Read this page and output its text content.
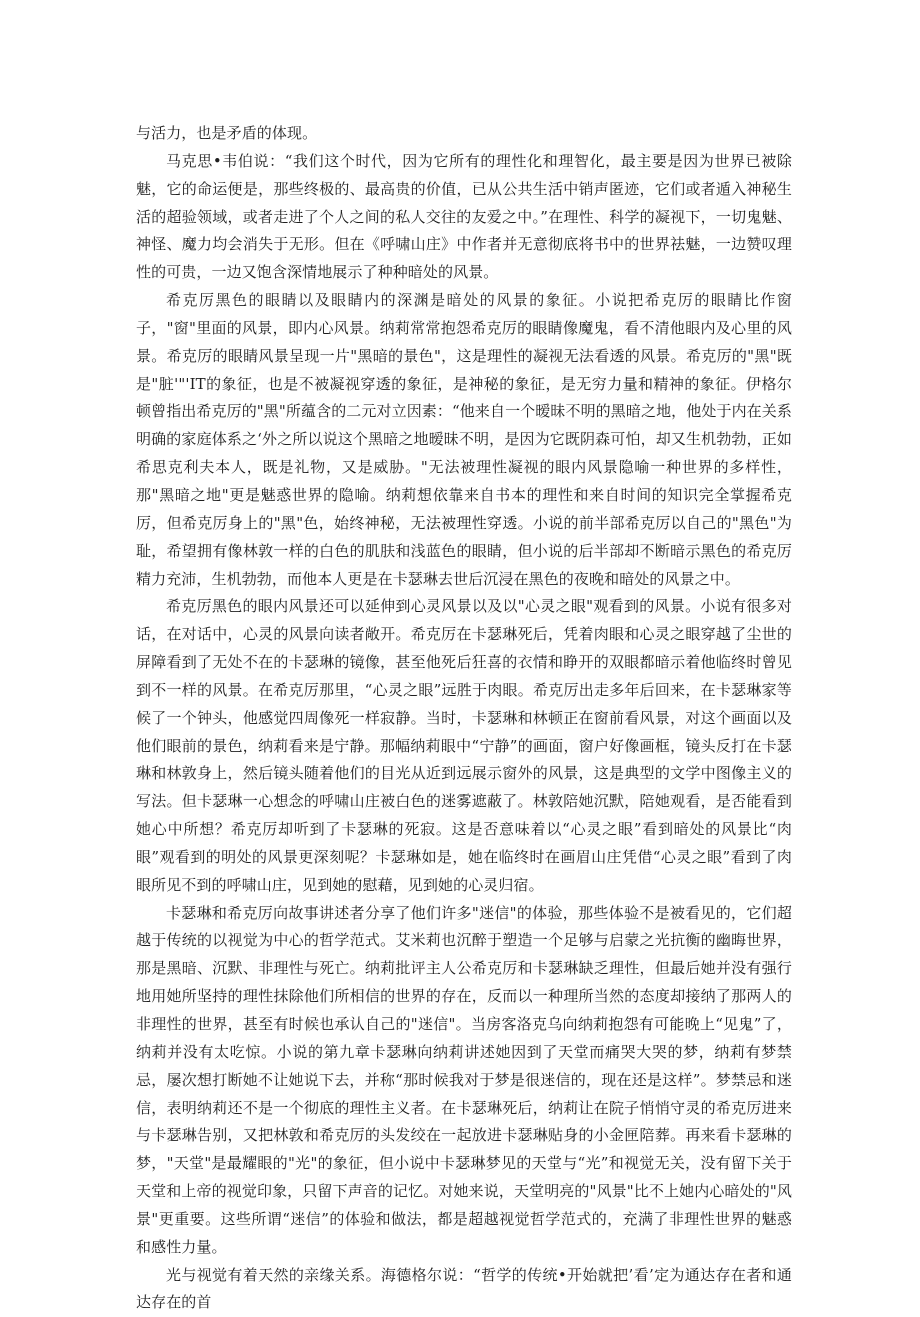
与活力，也是矛盾的体现。

马克思•韦伯说：“我们这个时代，因为它所有的理性化和理智化，最主要是因为世界已被除魅，它的命运便是，那些终极的、最高贵的价值，已从公共生活中销声匿迹，它们或者遁入神秘生活的超验领域，或者走进了个人之间的私人交往的友爱之中。”在理性、科学的凝视下，一切鬼魅、神怪、魔力均会消失于无形。但在《呼啸山庄》中作者并无意彻底将书中的世界祛魅，一边赞叹理性的可贵，一边又饱含深情地展示了种种暗处的风景。

希克厉黑色的眼睛以及眼睛内的深渊是暗处的风景的象征。小说把希克厉的眼睛比作窗子，"窗"里面的风景，即内心风景。纳莉常常抱怨希克厉的眼睛像魔鬼，看不清他眼内及心里的风景。希克厉的眼睛风景呈现一片"黑暗的景色"，这是理性的凝视无法看透的风景。希克厉的"黑"既是"脏'"'IT的象征，也是不被凝视穿透的象征，是神秘的象征，是无穷力量和精神的象征。伊格尔顿曾指出希克厉的"黑"所蕴含的二元对立因素：“他来自一个暧昧不明的黑暗之地，他处于内在关系明确的家庭体系之‘外之所以说这个黑暗之地暧昧不明，是因为它既阴森可怕，却又生机勃勃，正如希思克利夫本人，既是礼物，又是威胁。"无法被理性凝视的眼内风景隐喻一种世界的多样性，那"黑暗之地"更是魅惑世界的隐喻。纳莉想依靠来自书本的理性和来自时间的知识完全掌握希克厉，但希克厉身上的"黑"色，始终神秘，无法被理性穿透。小说的前半部希克厉以自己的"黑色"为耻，希望拥有像林敦一样的白色的肌肤和浅蓝色的眼睛，但小说的后半部却不断暗示黑色的希克厉精力充沛，生机勃勃，而他本人更是在卡瑟琳去世后沉浸在黑色的夜晚和暗处的风景之中。

希克厉黑色的眼内风景还可以延伸到心灵风景以及以"心灵之眼"观看到的风景。小说有很多对话，在对话中，心灵的风景向读者敞开。希克厉在卡瑟琳死后，凭着肉眼和心灵之眼穿越了尘世的屏障看到了无处不在的卡瑟琳的镜像，甚至他死后狂喜的衣情和睁开的双眼都暗示着他临终时曾见到不一样的风景。在希克厉那里，“心灵之眼”远胜于肉眼。希克厉出走多年后回来，在卡瑟琳家等候了一个钟头，他感觉四周像死一样寂静。当时，卡瑟琳和林顿正在窗前看风景，对这个画面以及他们眼前的景色，纳莉看来是宁静。那幅纳莉眼中“宁静”的画面，窗户好像画框，镜头反打在卡瑟琳和林敦身上，然后镜头随着他们的目光从近到远展示窗外的风景，这是典型的文学中图像主义的写法。但卡瑟琳一心想念的呼啸山庄被白色的迷雾遮蔽了。林敦陪她沉默，陪她观看，是否能看到她心中所想？希克厉却听到了卡瑟琳的死寂。这是否意味着以“心灵之眼”看到暗处的风景比“肉眼”观看到的明处的风景更深刻呢？卡瑟琳如是，她在临终时在画眉山庄凭借“心灵之眼”看到了肉眼所见不到的呼啸山庄，见到她的慰藉，见到她的心灵归宿。

卡瑟琳和希克厉向故事讲述者分享了他们许多"迷信"的体验，那些体验不是被看见的，它们超越于传统的以视觉为中心的哲学范式。艾米莉也沉醉于塑造一个足够与启蒙之光抗衡的幽晦世界，那是黑暗、沉默、非理性与死亡。纳莉批评主人公希克厉和卡瑟琳缺乏理性，但最后她并没有强行地用她所坚持的理性抹除他们所相信的世界的存在，反而以一种理所当然的态度却接纳了那两人的非理性的世界，甚至有时候也承认自己的"迷信"。当房客洛克乌向纳莉抱怨有可能晚上“见鬼”了，纳莉并没有太吃惊。小说的第九章卡瑟琳向纳莉讲述她因到了天堂而痛哭大哭的梦，纳莉有梦禁忌，屡次想打断她不让她说下去，并称“那时候我对于梦是很迷信的，现在还是这样”。梦禁忌和迷信，表明纳莉还不是一个彻底的理性主义者。在卡瑟琳死后，纳莉让在院子悄悄守灵的希克厉进来与卡瑟琳告别，又把林敦和希克厉的头发绞在一起放进卡瑟琳贴身的小金匣陪葬。再来看卡瑟琳的梦，"天堂"是最耀眼的"光"的象征，但小说中卡瑟琳梦见的天堂与“光”和视觉无关，没有留下关于天堂和上帝的视觉印象，只留下声音的记忆。对她来说，天堂明亮的"风景"比不上她内心暗处的"风景"更重要。这些所谓“迷信”的体验和做法，都是超越视觉哲学范式的，充满了非理性世界的魅惑和感性力量。

光与视觉有着天然的亲缘关系。海德格尔说：“哲学的传统•开始就把’看’定为通达存在者和通达存在的首
